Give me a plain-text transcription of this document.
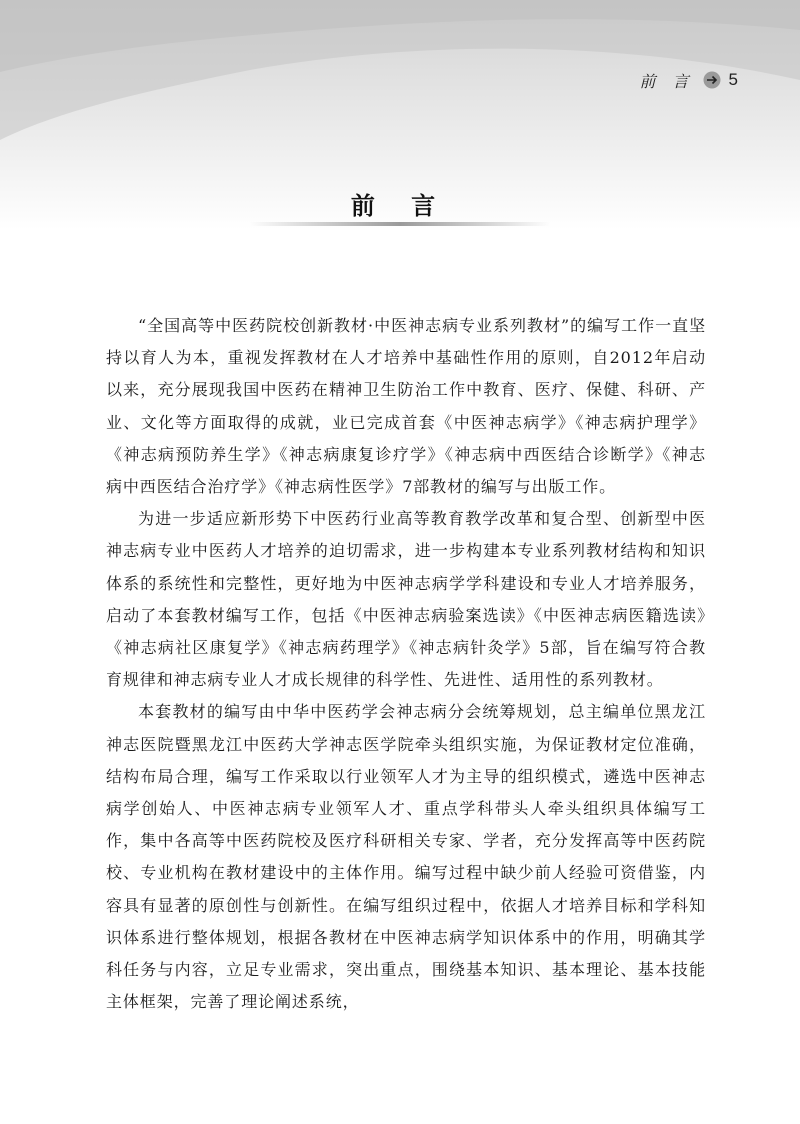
前 言 5
前 言

“全国高等中医药院校创新教材·中医神志病专业系列教材”的编写工作一直坚持以育人为本，重视发挥教材在人才培养中基础性作用的原则，自2012年启动以来，充分展现我国中医药在精神卫生防治工作中教育、医疗、保健、科研、产业、文化等方面取得的成就，业已完成首套《中医神志病学》《神志病护理学》《神志病预防养生学》《神志病康复诊疗学》《神志病中西医结合诊断学》《神志病中西医结合治疗学》《神志病性医学》7部教材的编写与出版工作。

为进一步适应新形势下中医药行业高等教育教学改革和复合型、创新型中医神志病专业中医药人才培养的迫切需求，进一步构建本专业系列教材结构和知识体系的系统性和完整性，更好地为中医神志病学学科建设和专业人才培养服务，启动了本套教材编写工作，包括《中医神志病验案选读》《中医神志病医籍选读》《神志病社区康复学》《神志病药理学》《神志病针灸学》5部，旨在编写符合教育规律和神志病专业人才成长规律的科学性、先进性、适用性的系列教材。

本套教材的编写由中华中医药学会神志病分会统筹规划，总主编单位黑龙江神志医院暨黑龙江中医药大学神志医学院牵头组织实施，为保证教材定位准确，结构布局合理，编写工作采取以行业领军人才为主导的组织模式，遴选中医神志病学创始人、中医神志病专业领军人才、重点学科带头人牵头组织具体编写工作，集中各高等中医药院校及医疗科研相关专家、学者，充分发挥高等中医药院校、专业机构在教材建设中的主体作用。编写过程中缺少前人经验可资借鉴，内容具有显著的原创性与创新性。在编写组织过程中，依据人才培养目标和学科知识体系进行整体规划，根据各教材在中医神志病学知识体系中的作用，明确其学科任务与内容，立足专业需求，突出重点，围绕基本知识、基本理论、基本技能主体框架，完善了理论阐述系统，
